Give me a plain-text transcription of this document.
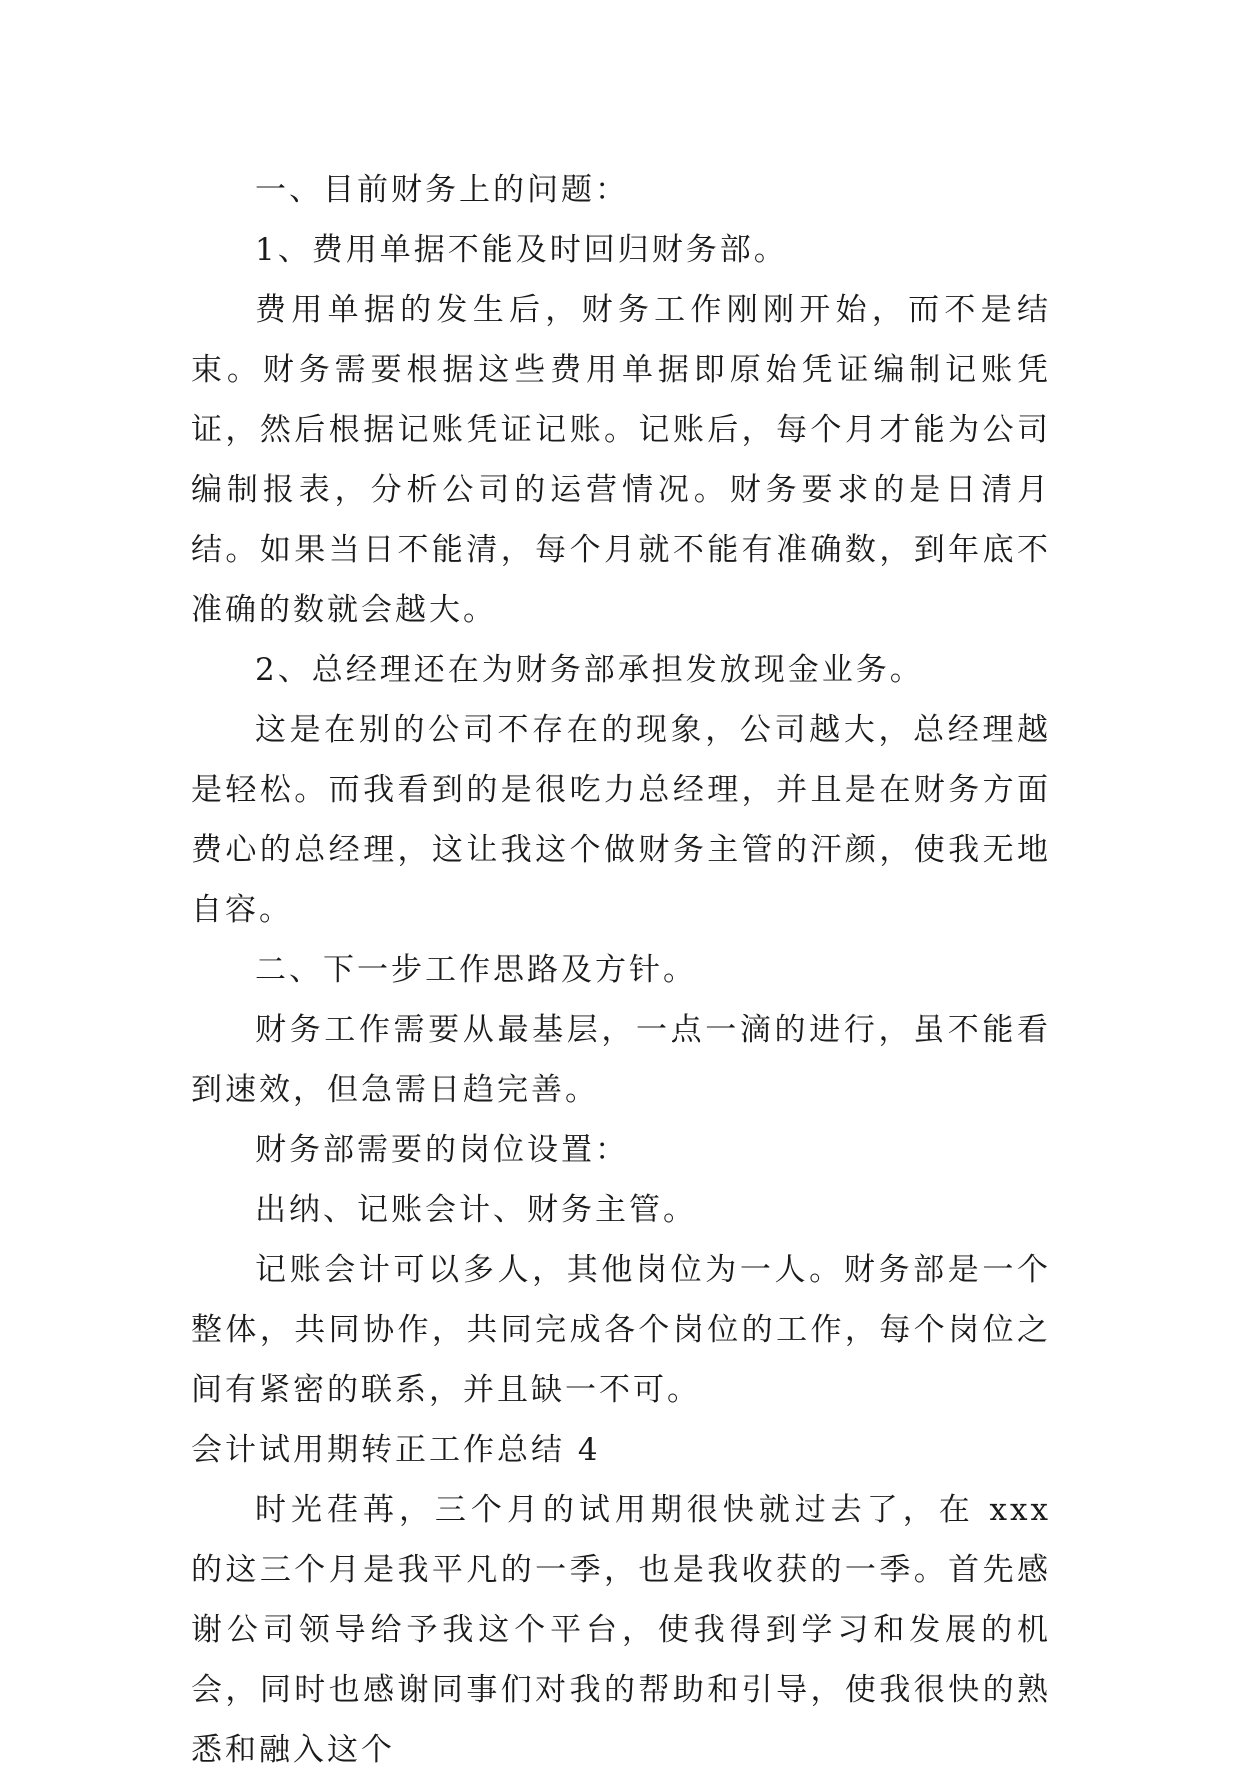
一、目前财务上的问题：

1、费用单据不能及时回归财务部。

费用单据的发生后，财务工作刚刚开始，而不是结束。财务需要根据这些费用单据即原始凭证编制记账凭证，然后根据记账凭证记账。记账后，每个月才能为公司编制报表，分析公司的运营情况。财务要求的是日清月结。如果当日不能清，每个月就不能有准确数，到年底不准确的数就会越大。

2、总经理还在为财务部承担发放现金业务。

这是在别的公司不存在的现象，公司越大，总经理越是轻松。而我看到的是很吃力总经理，并且是在财务方面费心的总经理，这让我这个做财务主管的汗颜，使我无地自容。

二、下一步工作思路及方针。

财务工作需要从最基层，一点一滴的进行，虽不能看到速效，但急需日趋完善。

财务部需要的岗位设置：

出纳、记账会计、财务主管。

记账会计可以多人，其他岗位为一人。财务部是一个整体，共同协作，共同完成各个岗位的工作，每个岗位之间有紧密的联系，并且缺一不可。

会计试用期转正工作总结 4

时光荏苒，三个月的试用期很快就过去了，在 xxx 的这三个月是我平凡的一季，也是我收获的一季。首先感谢公司领导给予我这个平台，使我得到学习和发展的机会，同时也感谢同事们对我的帮助和引导，使我很快的熟悉和融入这个
